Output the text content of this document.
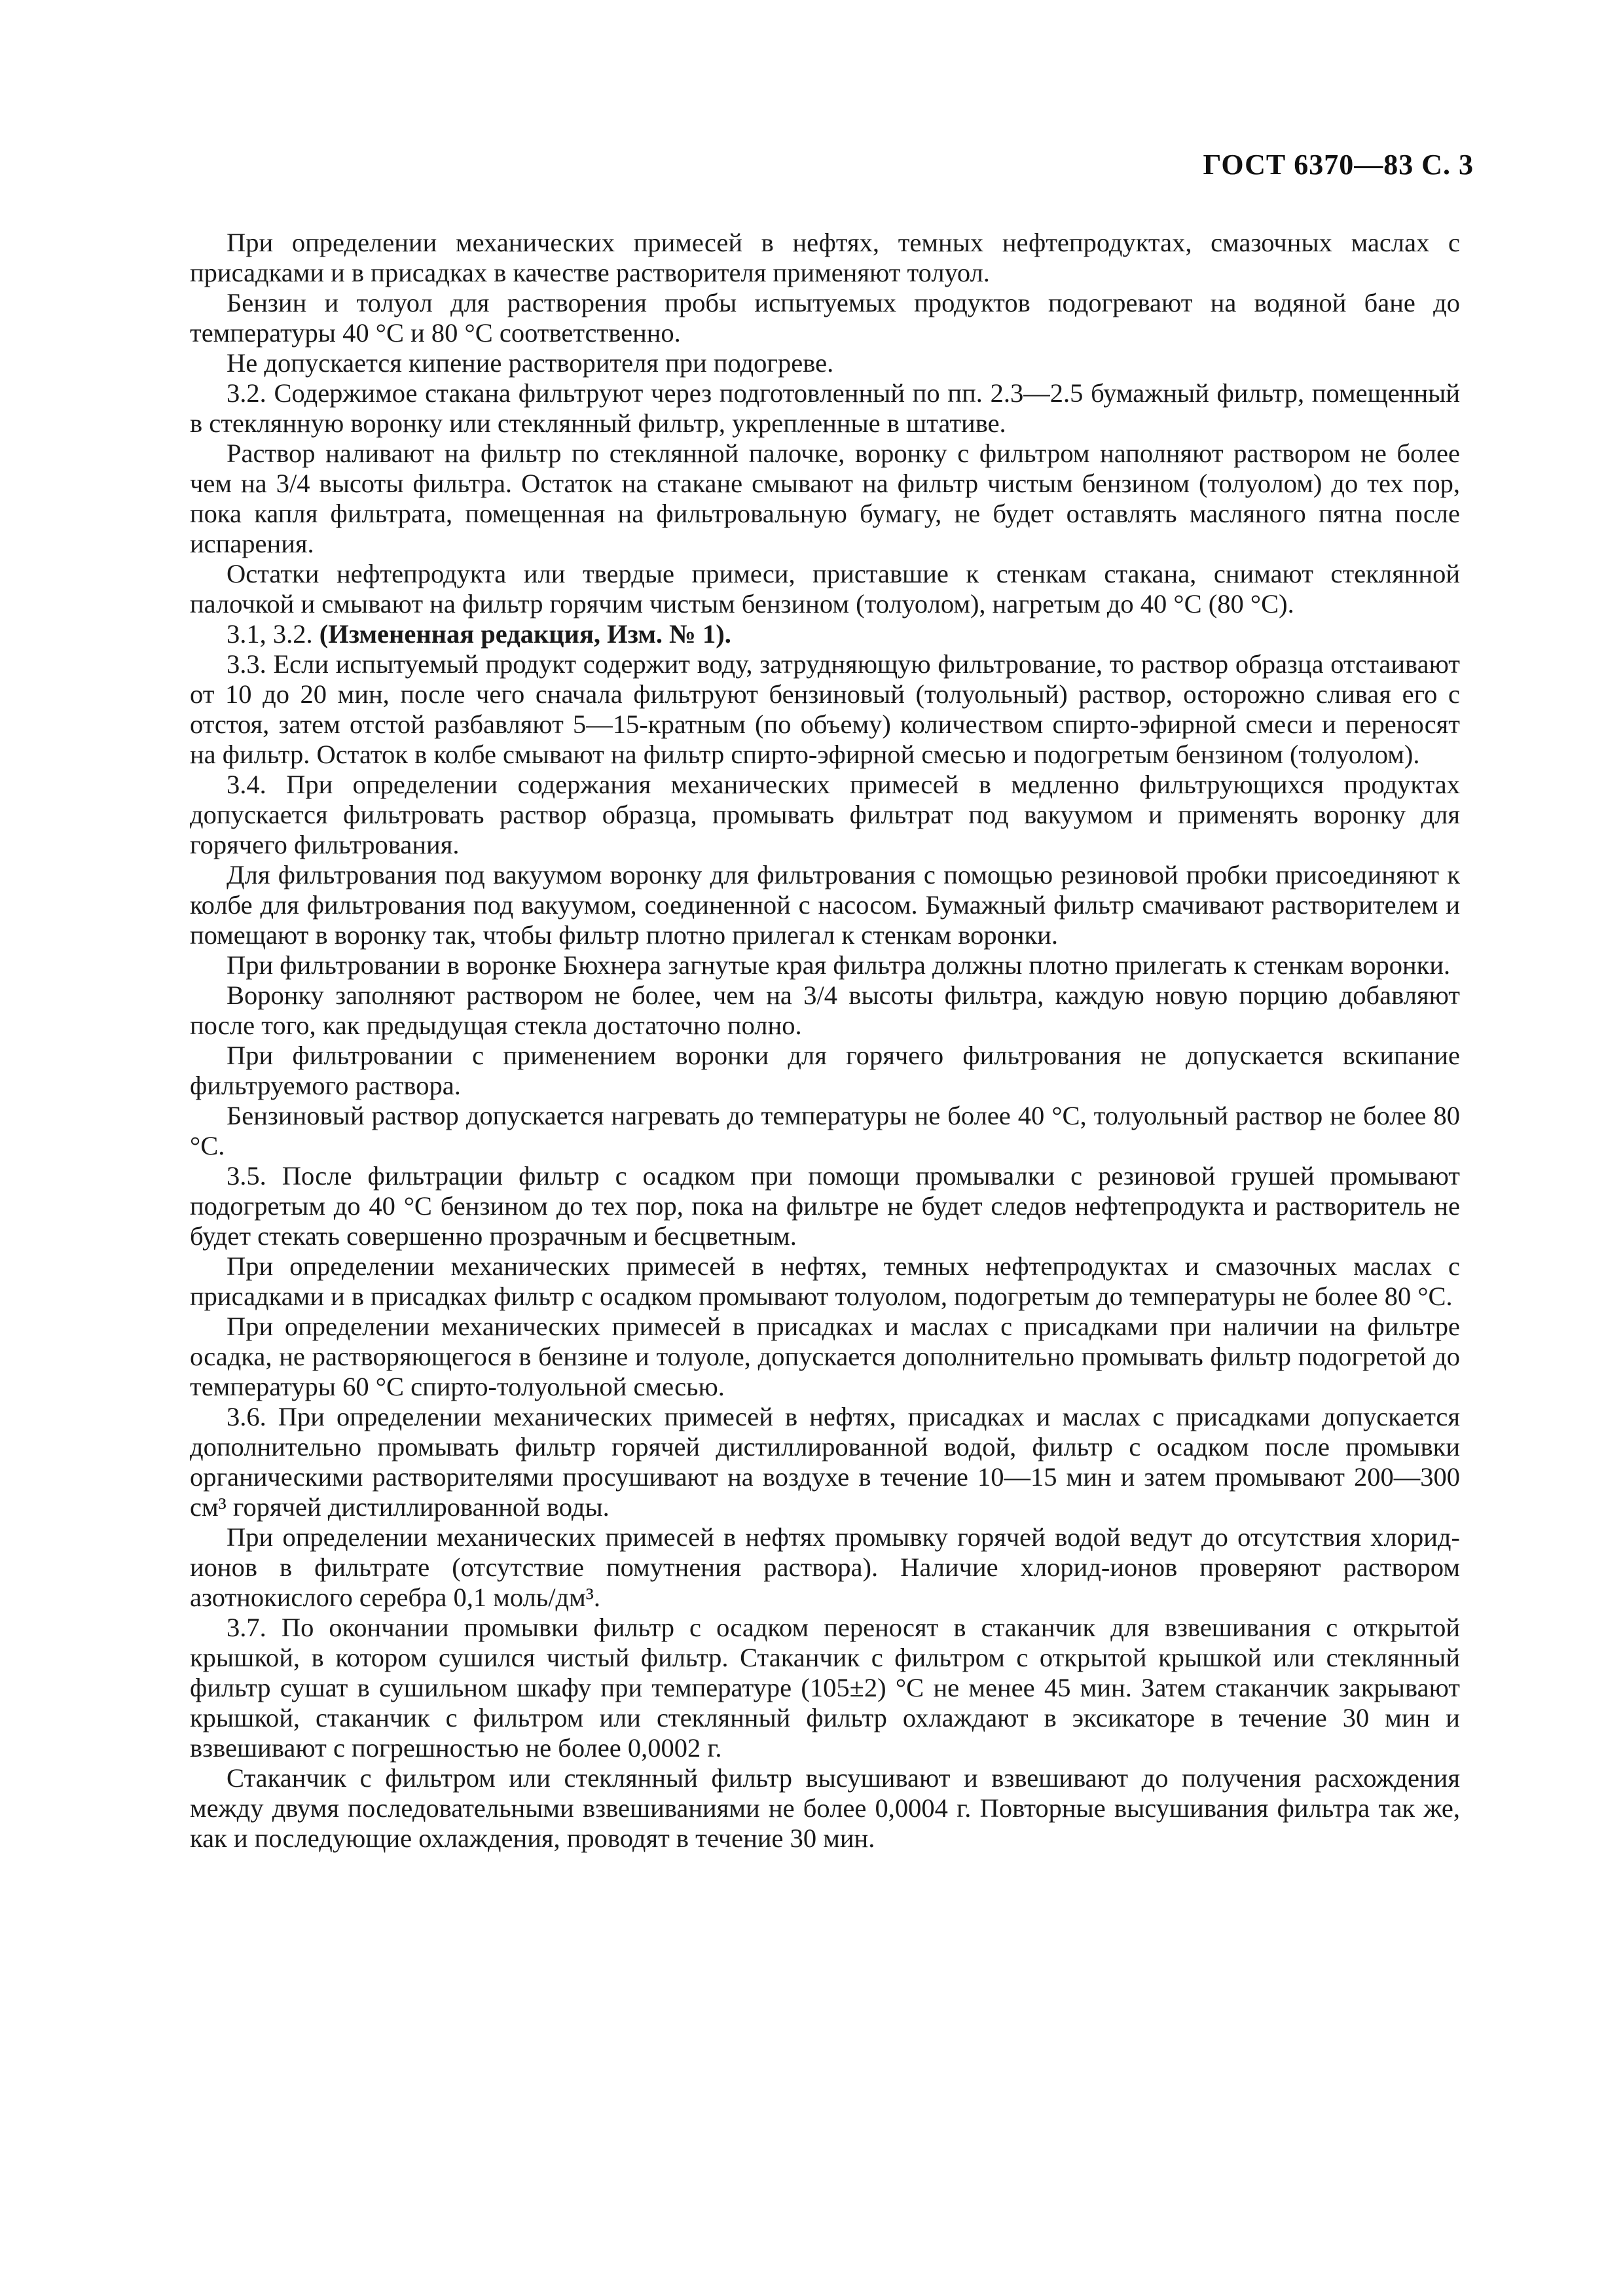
ГОСТ 6370—83 С. 3

При определении механических примесей в нефтях, темных нефтепродуктах, смазочных маслах с присадками и в присадках в качестве растворителя применяют толуол.

Бензин и толуол для растворения пробы испытуемых продуктов подогревают на водяной бане до температуры 40 °С и 80 °С соответственно.

Не допускается кипение растворителя при подогреве.

3.2. Содержимое стакана фильтруют через подготовленный по пп. 2.3—2.5 бумажный фильтр, помещенный в стеклянную воронку или стеклянный фильтр, укрепленные в штативе.

Раствор наливают на фильтр по стеклянной палочке, воронку с фильтром наполняют раствором не более чем на 3/4 высоты фильтра. Остаток на стакане смывают на фильтр чистым бензином (толуолом) до тех пор, пока капля фильтрата, помещенная на фильтровальную бумагу, не будет оставлять масляного пятна после испарения.

Остатки нефтепродукта или твердые примеси, приставшие к стенкам стакана, снимают стеклянной палочкой и смывают на фильтр горячим чистым бензином (толуолом), нагретым до 40 °С (80 °С).

3.1, 3.2. (Измененная редакция, Изм. № 1).

3.3. Если испытуемый продукт содержит воду, затрудняющую фильтрование, то раствор образца отстаивают от 10 до 20 мин, после чего сначала фильтруют бензиновый (толуольный) раствор, осторожно сливая его с отстоя, затем отстой разбавляют 5—15-кратным (по объему) количеством спирто-эфирной смеси и переносят на фильтр. Остаток в колбе смывают на фильтр спирто-эфирной смесью и подогретым бензином (толуолом).

3.4. При определении содержания механических примесей в медленно фильтрующихся продуктах допускается фильтровать раствор образца, промывать фильтрат под вакуумом и применять воронку для горячего фильтрования.

Для фильтрования под вакуумом воронку для фильтрования с помощью резиновой пробки присоединяют к колбе для фильтрования под вакуумом, соединенной с насосом. Бумажный фильтр смачивают растворителем и помещают в воронку так, чтобы фильтр плотно прилегал к стенкам воронки.

При фильтровании в воронке Бюхнера загнутые края фильтра должны плотно прилегать к стенкам воронки.

Воронку заполняют раствором не более, чем на 3/4 высоты фильтра, каждую новую порцию добавляют после того, как предыдущая стекла достаточно полно.

При фильтровании с применением воронки для горячего фильтрования не допускается вскипание фильтруемого раствора.

Бензиновый раствор допускается нагревать до температуры не более 40 °С, толуольный раствор не более 80 °С.

3.5. После фильтрации фильтр с осадком при помощи промывалки с резиновой грушей промывают подогретым до 40 °С бензином до тех пор, пока на фильтре не будет следов нефтепродукта и растворитель не будет стекать совершенно прозрачным и бесцветным.

При определении механических примесей в нефтях, темных нефтепродуктах и смазочных маслах с присадками и в присадках фильтр с осадком промывают толуолом, подогретым до температуры не более 80 °С.

При определении механических примесей в присадках и маслах с присадками при наличии на фильтре осадка, не растворяющегося в бензине и толуоле, допускается дополнительно промывать фильтр подогретой до температуры 60 °С спирто-толуольной смесью.

3.6. При определении механических примесей в нефтях, присадках и маслах с присадками допускается дополнительно промывать фильтр горячей дистиллированной водой, фильтр с осадком после промывки органическими растворителями просушивают на воздухе в течение 10—15 мин и затем промывают 200—300 см³ горячей дистиллированной воды.

При определении механических примесей в нефтях промывку горячей водой ведут до отсутствия хлорид-ионов в фильтрате (отсутствие помутнения раствора). Наличие хлорид-ионов проверяют раствором азотнокислого серебра 0,1 моль/дм³.

3.7. По окончании промывки фильтр с осадком переносят в стаканчик для взвешивания с открытой крышкой, в котором сушился чистый фильтр. Стаканчик с фильтром с открытой крышкой или стеклянный фильтр сушат в сушильном шкафу при температуре (105±2) °С не менее 45 мин. Затем стаканчик закрывают крышкой, стаканчик с фильтром или стеклянный фильтр охлаждают в эксикаторе в течение 30 мин и взвешивают с погрешностью не более 0,0002 г.

Стаканчик с фильтром или стеклянный фильтр высушивают и взвешивают до получения расхождения между двумя последовательными взвешиваниями не более 0,0004 г. Повторные высушивания фильтра так же, как и последующие охлаждения, проводят в течение 30 мин.
